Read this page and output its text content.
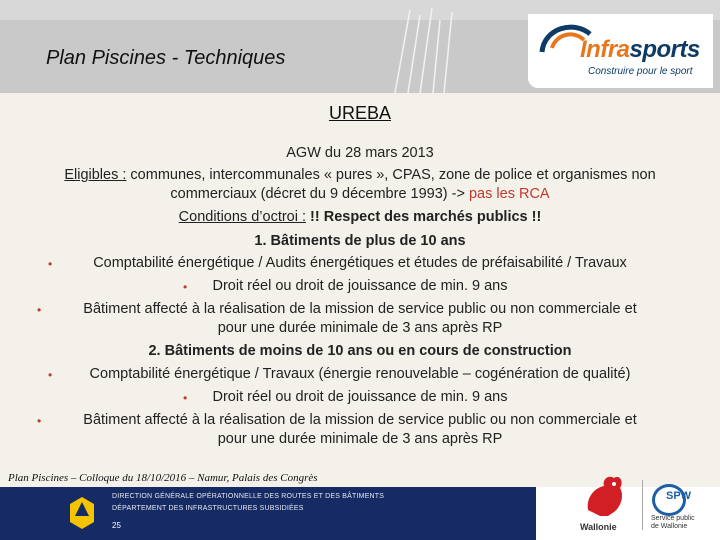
Plan Piscines - Techniques	Infrasports
Construire pour le sport
UREBA
AGW du 28 mars 2013
Eligibles : communes, intercommunales « pures », CPAS, zone de police et organismes non
commerciaux (décret du 9 décembre 1993) -> pas les RCA
Conditions d’octroi : !! Respect des marchés publics !!
1. Bâtiments de plus de 10 ans
•	Comptabilité énergétique / Audits énergétiques et études de préfaisabilité / Travaux
•	Droit réel ou droit de jouissance de min. 9 ans
•	Bâtiment affecté à la réalisation de la mission de service public ou non commerciale et
pour une durée minimale de 3 ans après RP
2. Bâtiments de moins de 10 ans ou en cours de construction
•	Comptabilité énergétique / Travaux (énergie renouvelable – cogénération de qualité)
•	Droit réel ou droit de jouissance de min. 9 ans
•	Bâtiment affecté à la réalisation de la mission de service public ou non commerciale et
pour une durée minimale de 3 ans après RP
Plan Piscines – Colloque du 18/10/2016 – Namur, Palais des Congrès
DIRECTION GÉNÉRALE OPÉRATIONNELLE DES ROUTES ET DES BÂTIMENTS
DÉPARTEMENT DES INFRASTRUCTURES SUBSIDIÉES
25	Wallonie
SPW
Service public
de Wallonie
